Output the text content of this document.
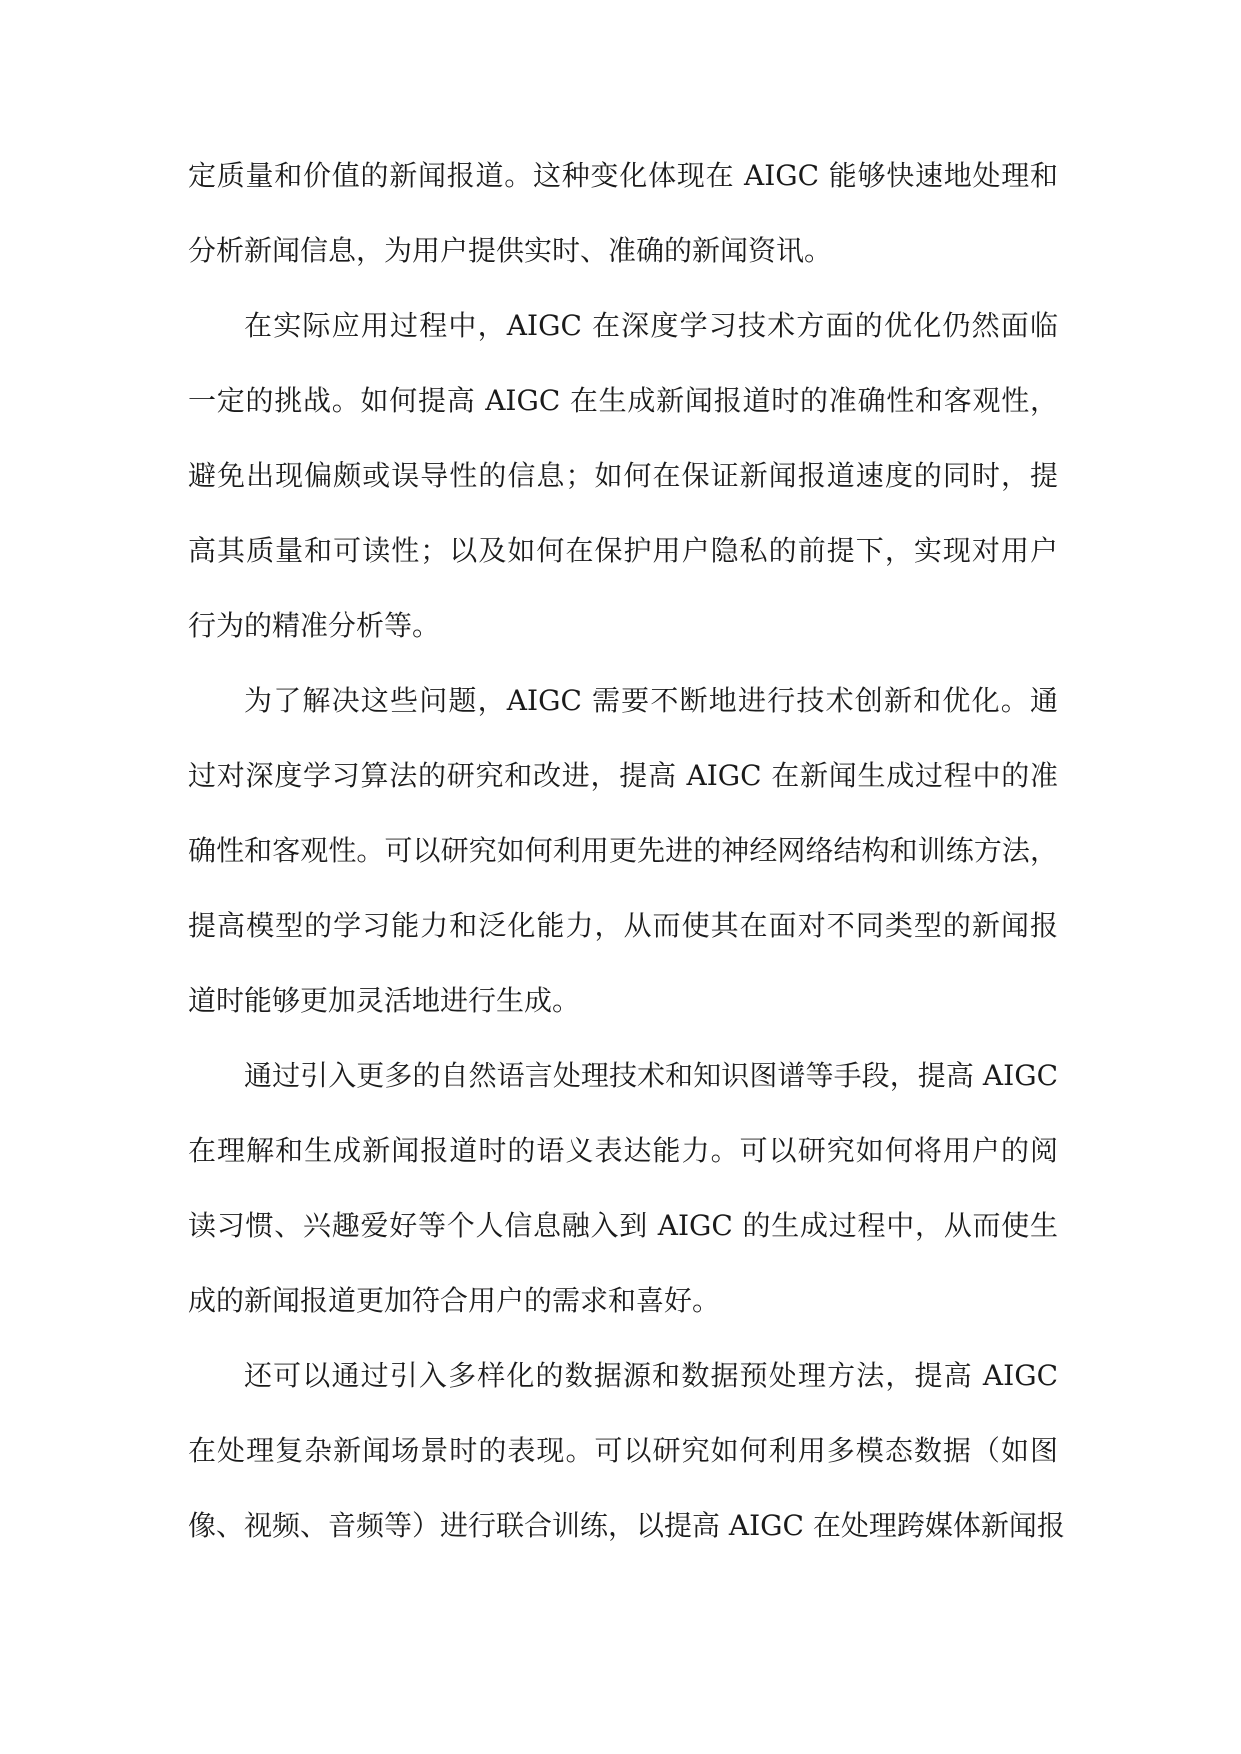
定质量和价值的新闻报道。这种变化体现在 AIGC 能够快速地处理和
分析新闻信息，为用户提供实时、准确的新闻资讯。
在实际应用过程中，AIGC 在深度学习技术方面的优化仍然面临
一定的挑战。如何提高 AIGC 在生成新闻报道时的准确性和客观性，
避免出现偏颇或误导性的信息；如何在保证新闻报道速度的同时，提
高其质量和可读性；以及如何在保护用户隐私的前提下，实现对用户
行为的精准分析等。
为了解决这些问题，AIGC 需要不断地进行技术创新和优化。通
过对深度学习算法的研究和改进，提高 AIGC 在新闻生成过程中的准
确性和客观性。可以研究如何利用更先进的神经网络结构和训练方法，
提高模型的学习能力和泛化能力，从而使其在面对不同类型的新闻报
道时能够更加灵活地进行生成。
通过引入更多的自然语言处理技术和知识图谱等手段，提高 AIGC
在理解和生成新闻报道时的语义表达能力。可以研究如何将用户的阅
读习惯、兴趣爱好等个人信息融入到 AIGC 的生成过程中，从而使生
成的新闻报道更加符合用户的需求和喜好。
还可以通过引入多样化的数据源和数据预处理方法，提高 AIGC
在处理复杂新闻场景时的表现。可以研究如何利用多模态数据（如图
像、视频、音频等）进行联合训练，以提高 AIGC 在处理跨媒体新闻报
